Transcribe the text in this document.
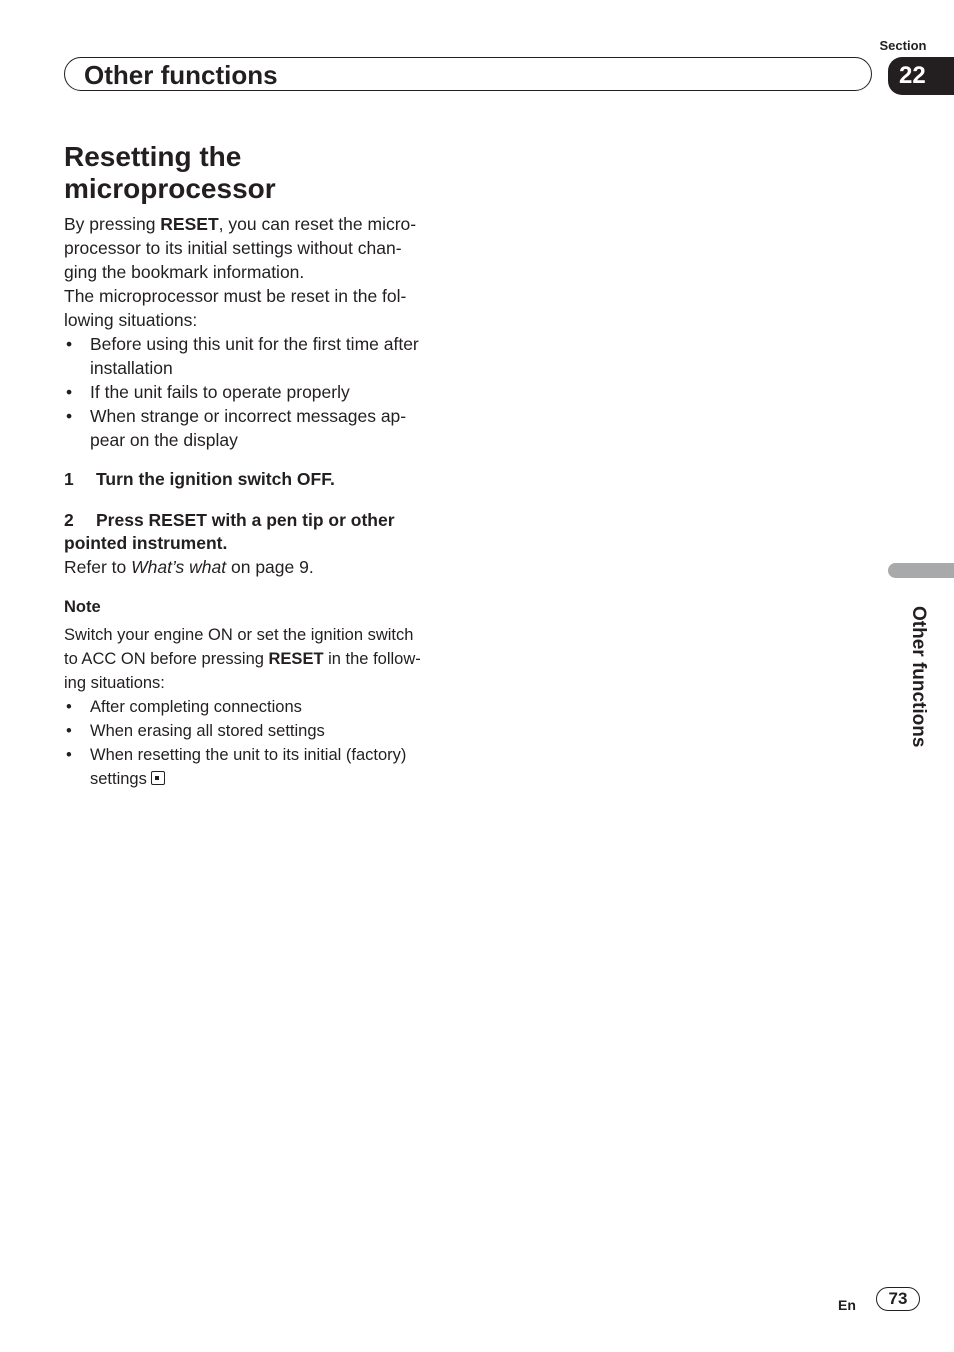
Section
Other functions	22
Resetting the
microprocessor

By pressing RESET, you can reset the micro-
processor to its initial settings without chan-
ging the bookmark information.

The microprocessor must be reset in the fol-
lowing situations:

• Before using this unit for the first time after
installation

• If the unit fails to operate properly

• When strange or incorrect messages ap-
pear on the display

1 Turn the ignition switch OFF.

2 Press RESET with a pen tip or other
pointed instrument.

Refer to What’s what on page 9.

Note

Switch your engine ON or set the ignition switch
to ACC ON before pressing RESET in the follow-
ing situations:

• After completing connections

• When erasing all stored settings

• When resetting the unit to its initial (factory)
settings

Other functions
En	73
